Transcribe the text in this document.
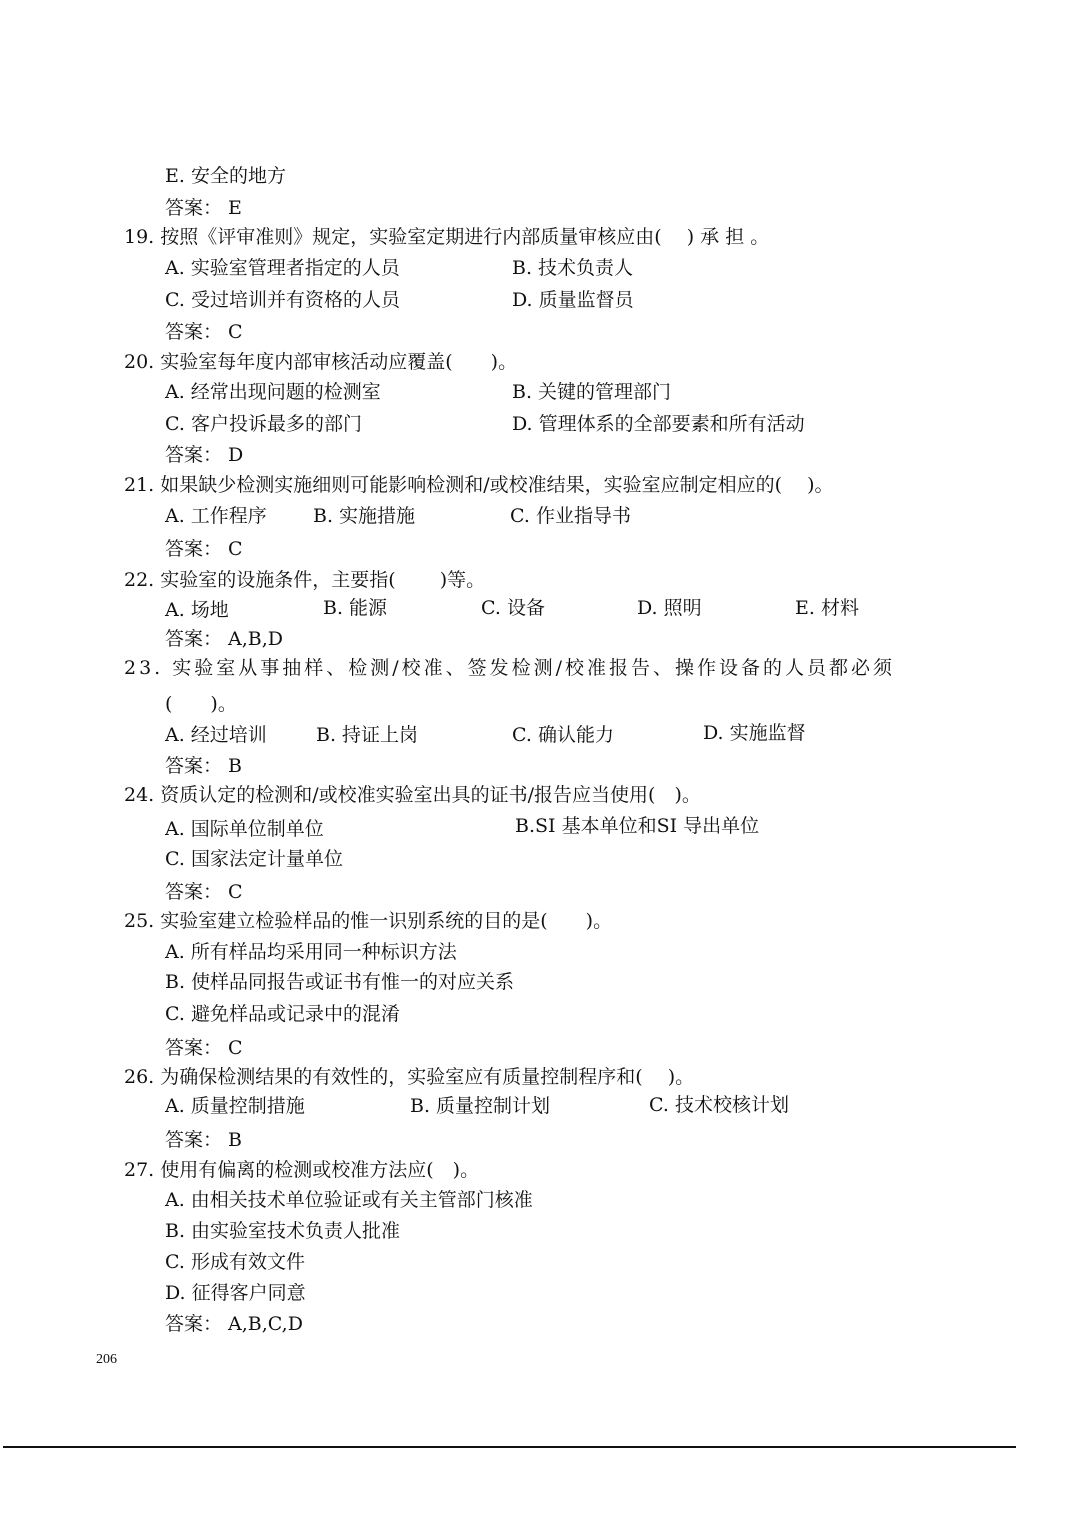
E. 安全的地方
答案： E
19. 按照《评审准则》规定，实验室定期进行内部质量审核应由(　 ) 承 担 。
A. 实验室管理者指定的人员	B. 技术负责人
C. 受过培训并有资格的人员	D. 质量监督员
答案： C
20. 实验室每年度内部审核活动应覆盖(　　)。
A. 经常出现问题的检测室	B. 关键的管理部门
C. 客户投诉最多的部门	D. 管理体系的全部要素和所有活动
答案： D
21. 如果缺少检测实施细则可能影响检测和/或校准结果，实验室应制定相应的(　 )。
A. 工作程序 B. 实施措施	C. 作业指导书
答案： C
22. 实验室的设施条件，主要指(　　 )等。
A. 场地	B. 能源	C. 设备	D. 照明	E. 材料
答案： A,B,D
23. 实验室从事抽样、检测/校准、签发检测/校准报告、操作设备的人员都必须
(　　)。
A. 经过培训	B. 持证上岗	C. 确认能力	D. 实施监督
答案： B
24. 资质认定的检测和/或校准实验室出具的证书/报告应当使用(　)。
A. 国际单位制单位	B.SI 基本单位和SI 导出单位
C. 国家法定计量单位
答案： C
25. 实验室建立检验样品的惟一识别系统的目的是(　　)。
A. 所有样品均采用同一种标识方法
B. 使样品同报告或证书有惟一的对应关系
C. 避免样品或记录中的混淆
答案： C
26. 为确保检测结果的有效性的，实验室应有质量控制程序和(　 )。
A. 质量控制措施	B. 质量控制计划	C. 技术校核计划
答案： B
27. 使用有偏离的检测或校准方法应(　)。
A. 由相关技术单位验证或有关主管部门核准
B. 由实验室技术负责人批准
C. 形成有效文件
D. 征得客户同意
答案： A,B,C,D
206
